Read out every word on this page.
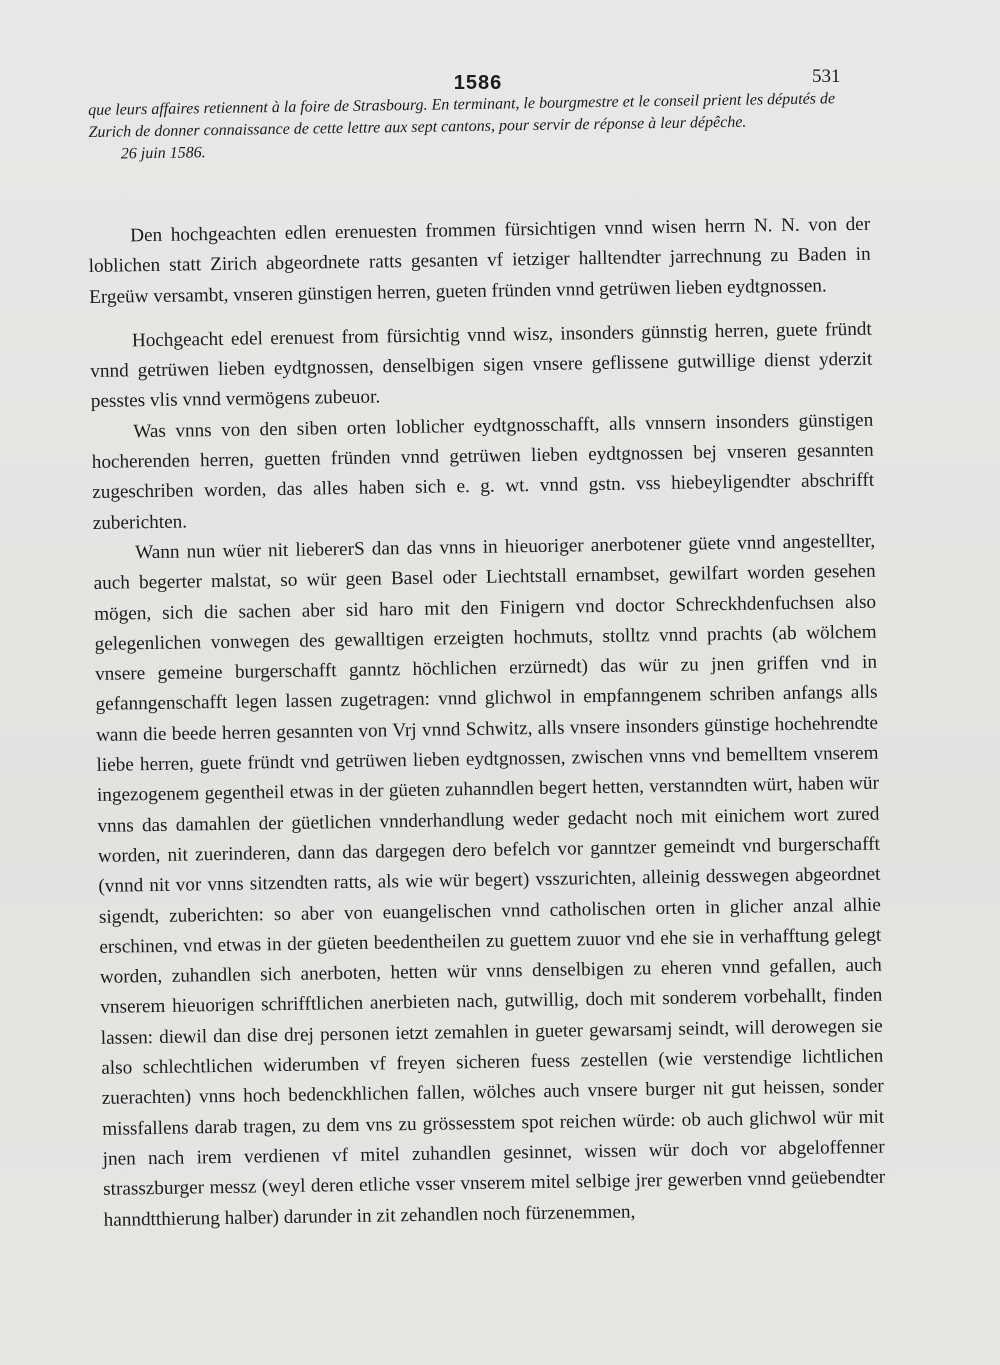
1586	531

que leurs affaires retiennent à la foire de Strasbourg. En terminant, le bourgmestre et le conseil prient les députés de Zurich de donner connaissance de cette lettre aux sept cantons, pour servir de réponse à leur dépêche.

26 juin 1586.

Den hochgeachten edlen erenuesten frommen fürsichtigen vnnd wisen herrn N. N. von der loblichen statt Zirich abgeordnete ratts gesanten vf ietziger halltendter jarrechnung zu Baden in Ergeüw versambt, vnseren günstigen herren, gueten fründen vnnd getrüwen lieben eydtgnossen.

Hochgeacht edel erenuest from fürsichtig vnnd wisz, insonders günnstig herren, guete fründt vnnd getrüwen lieben eydtgnossen, denselbigen sigen vnsere geflissene gutwillige dienst yderzit pesstes vlis vnnd vermögens zubeuor.

Was vnns von den siben orten loblicher eydtgnosschafft, alls vnnsern insonders günstigen hocherenden herren, guetten fründen vnnd getrüwen lieben eydtgnossen bej vnseren gesannten zugeschriben worden, das alles haben sich e. g. wt. vnnd gstn. vss hiebeyligendter abschrifft zuberichten.

Wann nun wüer nit liebererS dan das vnns in hieuoriger anerbotener güete vnnd angestellter, auch begerter malstat, so wür geen Basel oder Liechtstall ernambset, gewilfart worden gesehen mögen, sich die sachen aber sid haro mit den Finigern vnd doctor Schreckhdenfuchsen also gelegenlichen vonwegen des gewalltigen erzeigten hochmuts, stolltz vnnd prachts (ab wölchem vnsere gemeine burgerschafft ganntz höchlichen erzürnedt) das wür zu jnen griffen vnd in gefanngenschafft legen lassen zugetragen: vnnd glichwol in empfanngenem schriben anfangs alls wann die beede herren gesannten von Vrj vnnd Schwitz, alls vnsere insonders günstige hochehrendte liebe herren, guete fründt vnd getrüwen lieben eydtgnossen, zwischen vnns vnd bemelltem vnserem ingezogenem gegentheil etwas in der güeten zuhanndlen begert hetten, verstanndten würt, haben wür vnns das damahlen der güetlichen vnnderhandlung weder gedacht noch mit einichem wort zured worden, nit zuerinderen, dann das dargegen dero befelch vor ganntzer gemeindt vnd burgerschafft (vnnd nit vor vnns sitzendten ratts, als wie wür begert) vsszurichten, alleinig desswegen abgeordnet sigendt, zuberichten: so aber von euangelischen vnnd catholischen orten in glicher anzal alhie erschinen, vnd etwas in der güeten beedentheilen zu guettem zuuor vnd ehe sie in verhafftung gelegt worden, zuhandlen sich anerboten, hetten wür vnns denselbigen zu eheren vnnd gefallen, auch vnserem hieuorigen schrifftlichen anerbieten nach, gutwillig, doch mit sonderem vorbehallt, finden lassen: diewil dan dise drej personen ietzt zemahlen in gueter gewarsamj seindt, will derowegen sie also schlechtlichen widerumben vf freyen sicheren fuess zestellen (wie verstendige lichtlichen zuerachten) vnns hoch bedenckhlichen fallen, wölches auch vnsere burger nit gut heissen, sonder missfallens darab tragen, zu dem vns zu grössesstem spot reichen würde: ob auch glichwol wür mit jnen nach irem verdienen vf mitel zuhandlen gesinnet, wissen wür doch vor abgeloffenner strasszburger messz (weyl deren etliche vsser vnserem mitel selbige jrer gewerben vnnd geüebendter hanndtthierung halber) darunder in zit zehandlen noch fürzenemmen,
